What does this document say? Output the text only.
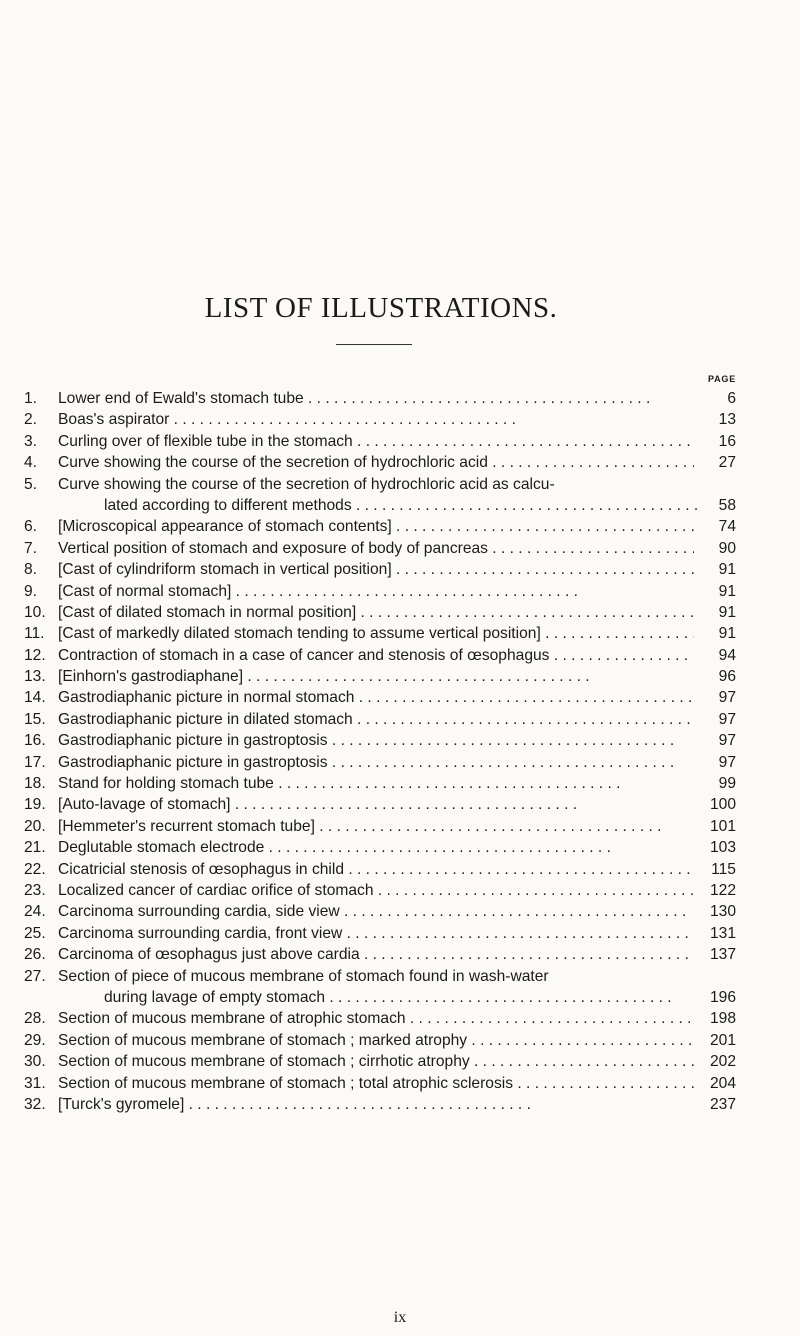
LIST OF ILLUSTRATIONS.
PAGE
1.	Lower end of Ewald's stomach tube . .	6
2.	Boas's aspirator . .	13
3.	Curling over of flexible tube in the stomach . .	16
4.	Curve showing the course of the secretion of hydrochloric acid . .	27
5.	Curve showing the course of the secretion of hydrochloric acid as calcu-
lated according to different methods . .	58
6.	[Microscopical appearance of stomach contents] . .	74
7.	Vertical position of stomach and exposure of body of pancreas . .	90
8.	[Cast of cylindriform stomach in vertical position] . .	91
9.	[Cast of normal stomach] . .	91
10. [Cast of dilated stomach in normal position] . .	91
11. [Cast of markedly dilated stomach tending to assume vertical position] . .	91
12. Contraction of stomach in a case of cancer and stenosis of œsophagus . .	94
13. [Einhorn's gastrodiaphane] . .	96
14. Gastrodiaphanic picture in normal stomach . .	97
15. Gastrodiaphanic picture in dilated stomach . .	97
16. Gastrodiaphanic picture in gastroptosis . .	97
17. Gastrodiaphanic picture in gastroptosis . .	97
18. Stand for holding stomach tube . .	99
19. [Auto-lavage of stomach] . .	100
20. [Hemmeter's recurrent stomach tube] . .	101
21. Deglutable stomach electrode . .	103
22. Cicatricial stenosis of œsophagus in child . .	115
23. Localized cancer of cardiac orifice of stomach . .	122
24. Carcinoma surrounding cardia, side view . .	130
25. Carcinoma surrounding cardia, front view . .	131
26. Carcinoma of œsophagus just above cardia . .	137
27. Section of piece of mucous membrane of stomach found in wash-water
during lavage of empty stomach . .	196
28. Section of mucous membrane of atrophic stomach . .	198
29. Section of mucous membrane of stomach ; marked atrophy . .	201
30. Section of mucous membrane of stomach ; cirrhotic atrophy . .	202
31. Section of mucous membrane of stomach ; total atrophic sclerosis . .	204
32. [Turck's gyromele] . .	237
ix
